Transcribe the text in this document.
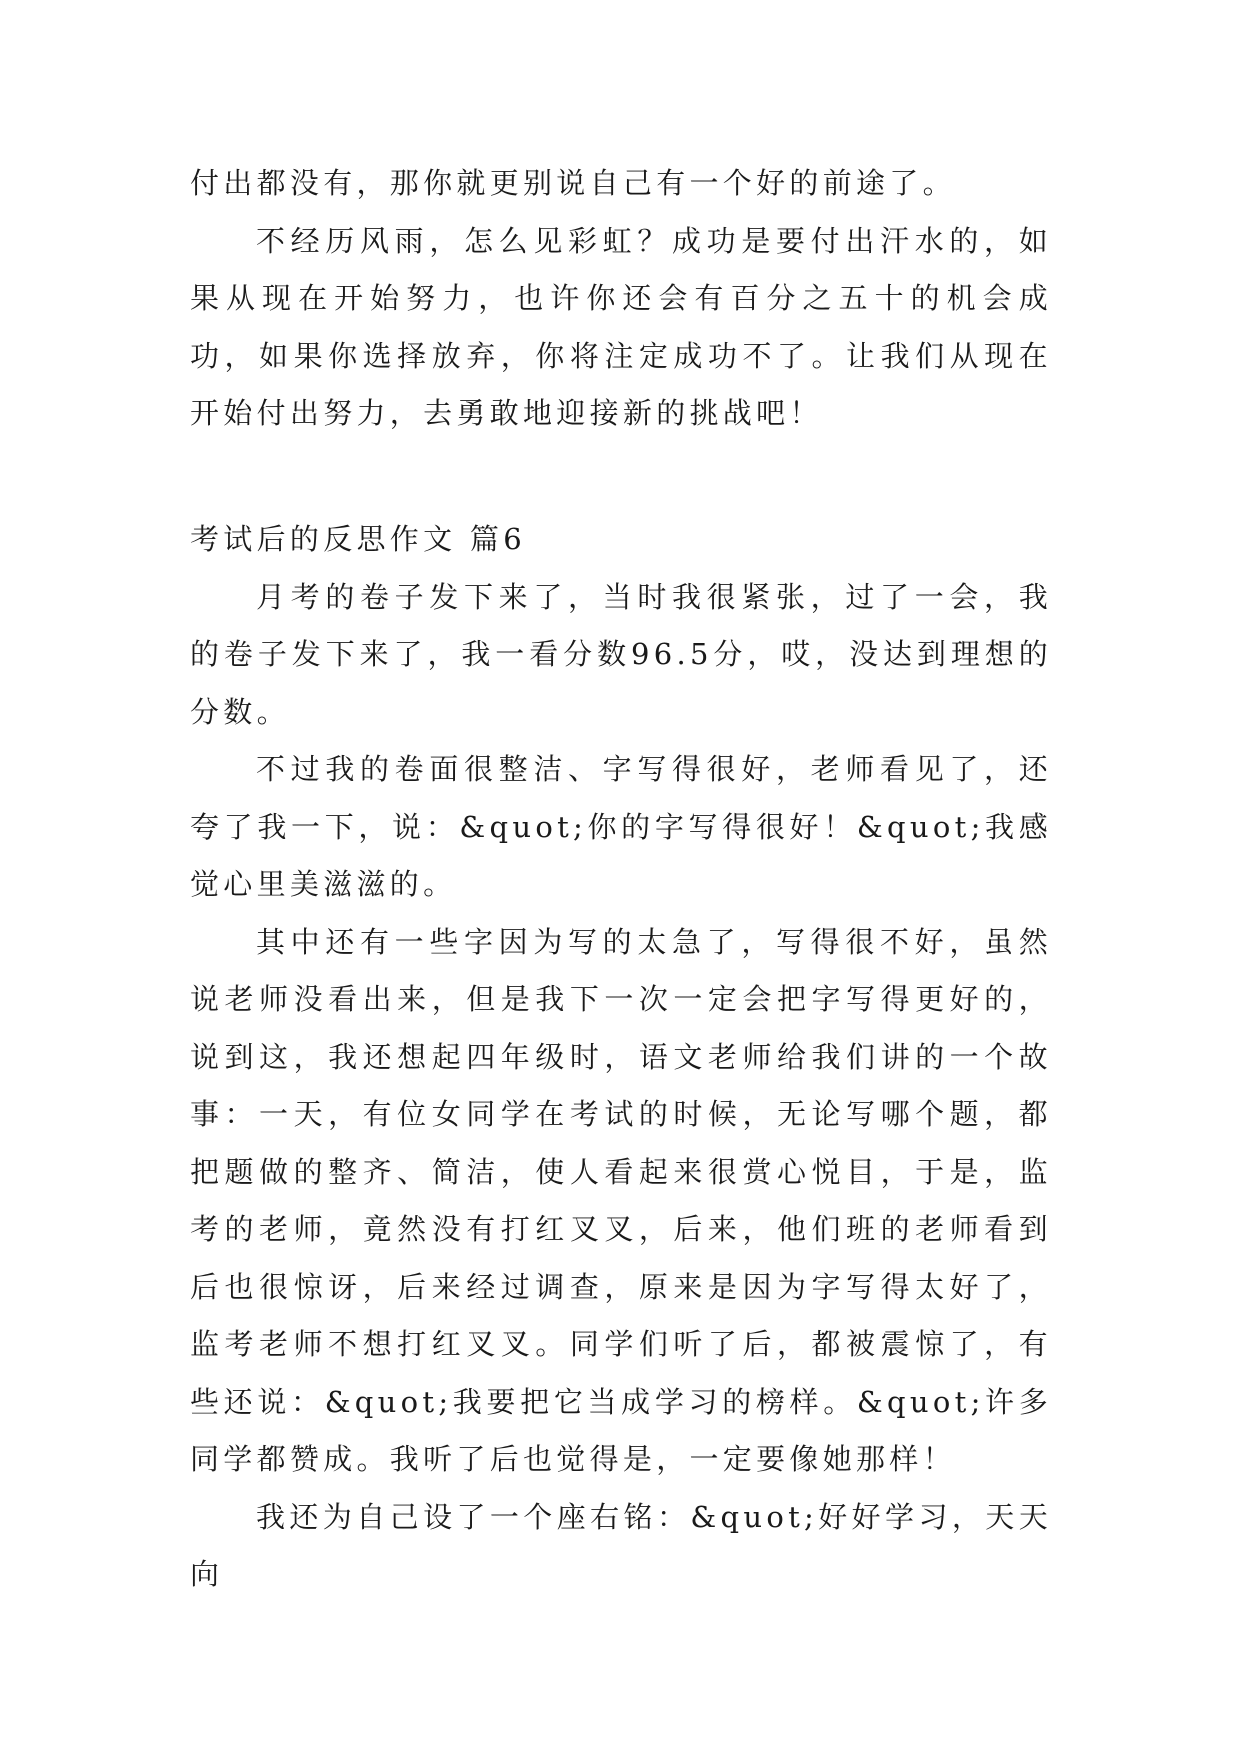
付出都没有，那你就更别说自己有一个好的前途了。

不经历风雨，怎么见彩虹？成功是要付出汗水的，如果从现在开始努力，也许你还会有百分之五十的机会成功，如果你选择放弃，你将注定成功不了。让我们从现在开始付出努力，去勇敢地迎接新的挑战吧！

考试后的反思作文 篇6

月考的卷子发下来了，当时我很紧张，过了一会，我的卷子发下来了，我一看分数96.5分，哎，没达到理想的分数。

不过我的卷面很整洁、字写得很好，老师看见了，还夸了我一下，说：&quot;你的字写得很好！&quot;我感觉心里美滋滋的。

其中还有一些字因为写的太急了，写得很不好，虽然说老师没看出来，但是我下一次一定会把字写得更好的，说到这，我还想起四年级时，语文老师给我们讲的一个故事：一天，有位女同学在考试的时候，无论写哪个题，都把题做的整齐、简洁，使人看起来很赏心悦目，于是，监考的老师，竟然没有打红叉叉，后来，他们班的老师看到后也很惊讶，后来经过调查，原来是因为字写得太好了，监考老师不想打红叉叉。同学们听了后，都被震惊了，有些还说：&quot;我要把它当成学习的榜样。&quot;许多同学都赞成。我听了后也觉得是，一定要像她那样！

我还为自己设了一个座右铭：&quot;好好学习，天天向
